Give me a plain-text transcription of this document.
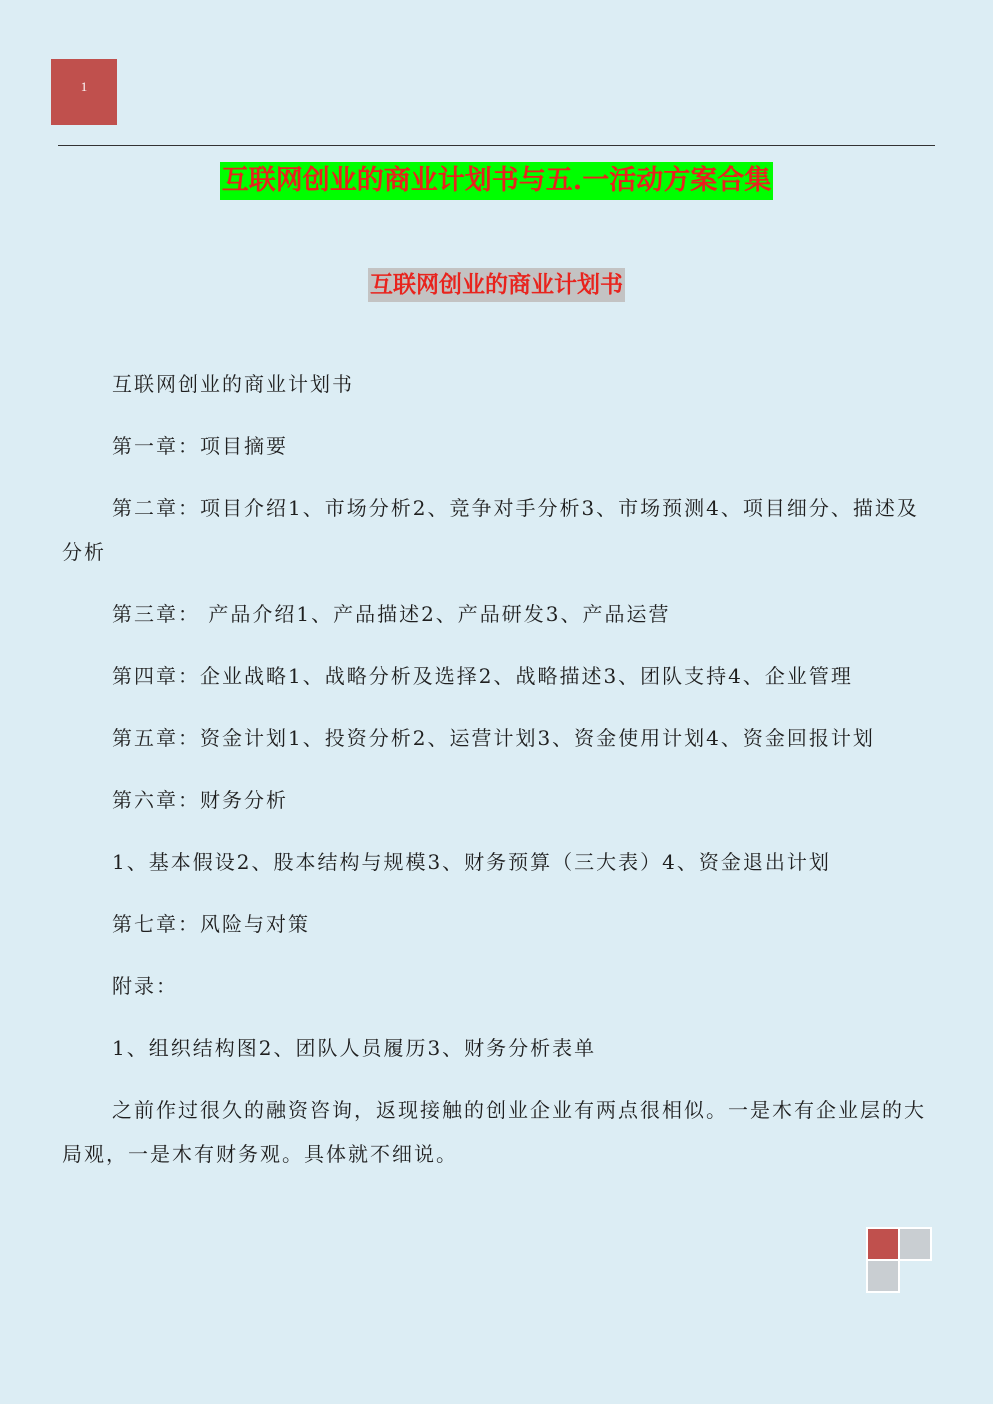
1
互联网创业的商业计划书与五.一活动方案合集
互联网创业的商业计划书

互联网创业的商业计划书

第一章：项目摘要

第二章：项目介绍1、市场分析2、竞争对手分析3、市场预测4、项目细分、描述及分析

第三章： 产品介绍1、产品描述2、产品研发3、产品运营

第四章：企业战略1、战略分析及选择2、战略描述3、团队支持4、企业管理

第五章：资金计划1、投资分析2、运营计划3、资金使用计划4、资金回报计划

第六章：财务分析

1、基本假设2、股本结构与规模3、财务预算（三大表）4、资金退出计划

第七章：风险与对策

附录：

1、组织结构图2、团队人员履历3、财务分析表单

之前作过很久的融资咨询，返现接触的创业企业有两点很相似。一是木有企业层的大局观，一是木有财务观。具体就不细说。
